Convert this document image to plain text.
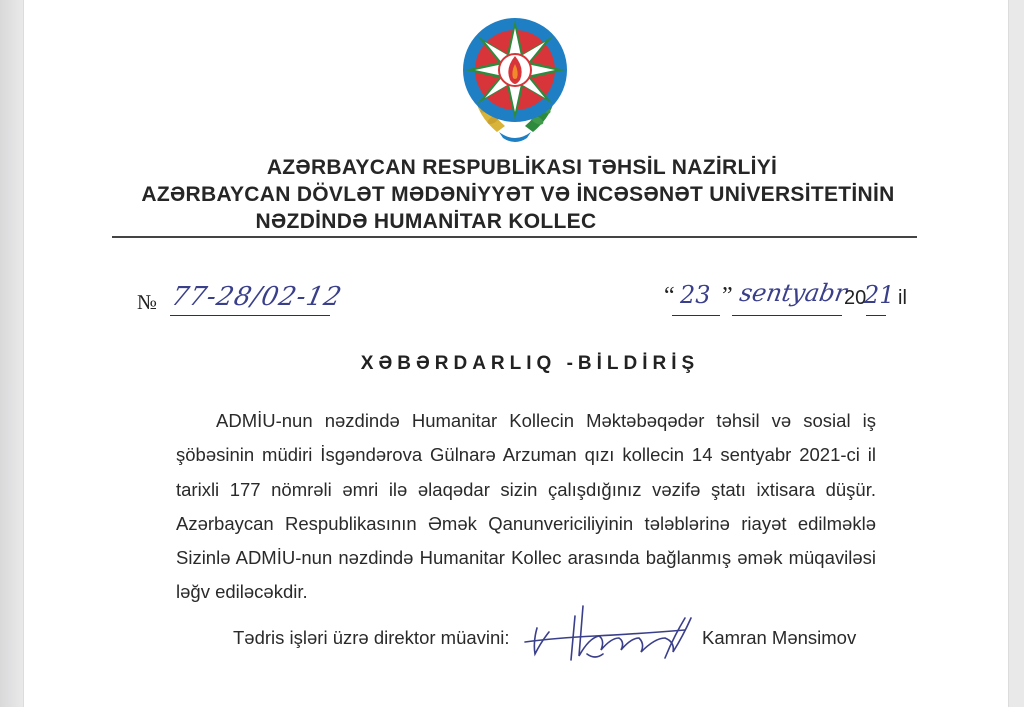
AZƏRBAYCAN RESPUBLİKASI TƏHSİL NAZİRLİYİ
AZƏRBAYCAN DÖVLƏT MƏDƏNİYYƏT VƏ İNCƏSƏNƏT UNİVERSİTETİNİN
NƏZDİNDƏ HUMANİTAR KOLLEC
№ 77-28/02-12	“ 23 ” sentyabr
20
21 il
XƏBƏRDARLIQ -BİLDİRİŞ
ADMİU-nun nəzdində Humanitar Kollecin Məktəbəqədər təhsil və sosial iş şöbəsinin müdiri İsgəndərova Gülnarə Arzuman qızı kollecin 14 sentyabr 2021-ci il tarixli 177 nömrəli əmri ilə əlaqədar sizin çalışdığınız vəzifə ştatı ixtisara düşür. Azərbaycan Respublikasının Əmək Qanunvericiliyinin tələblərinə riayət edilməklə Sizinlə ADMİU-nun nəzdində Humanitar Kollec arasında bağlanmış əmək müqaviləsi ləğv ediləcəkdir.
Tədris işləri üzrə direktor müavini:	Kamran Mənsimov
